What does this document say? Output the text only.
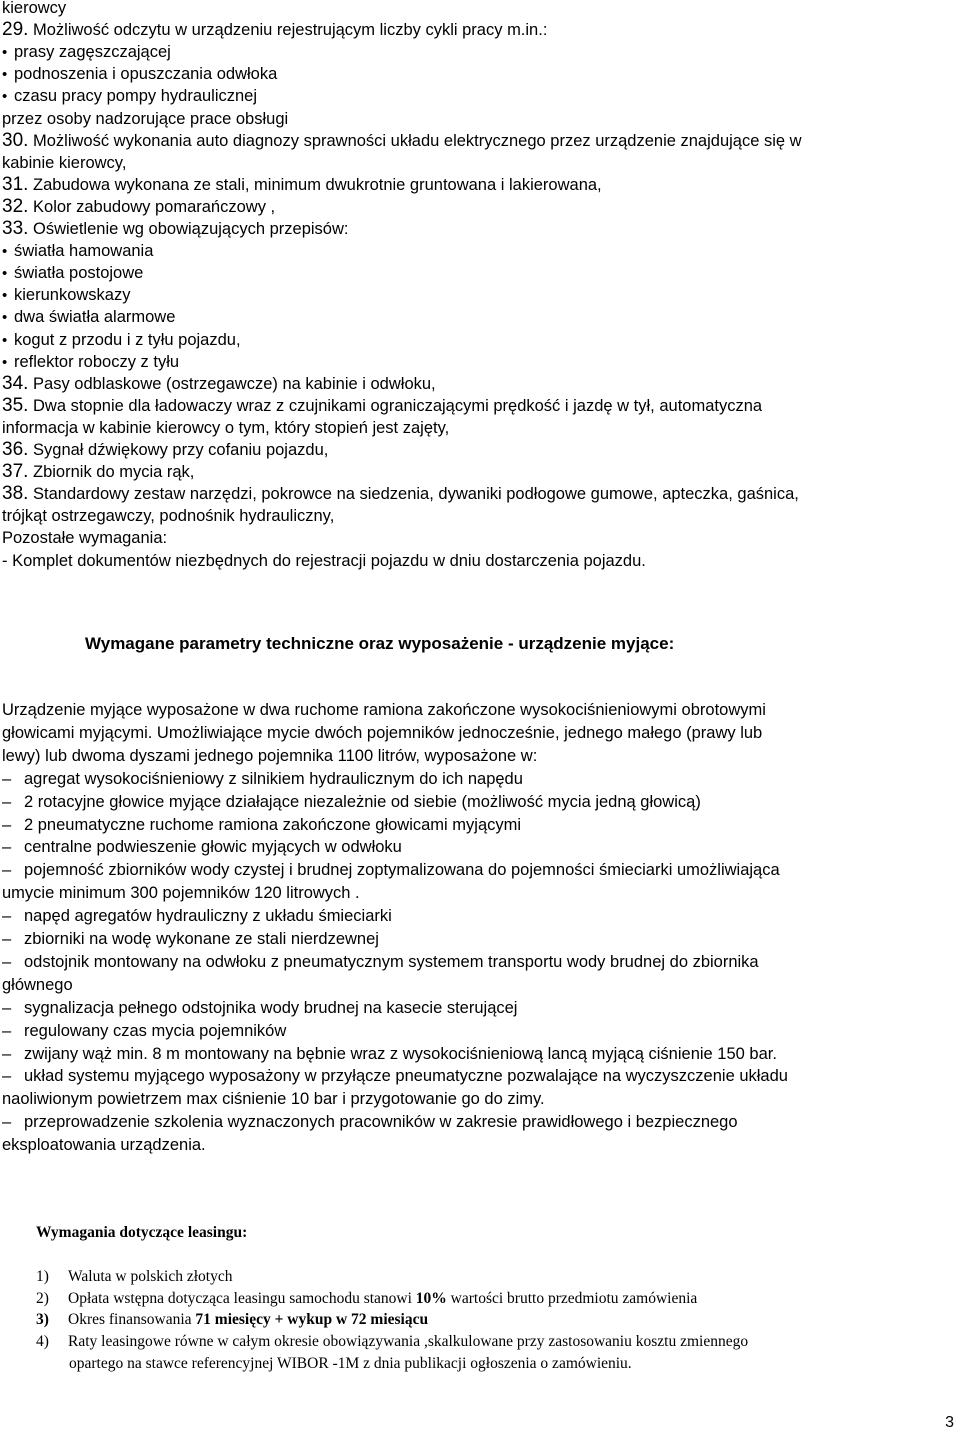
kierowcy
29. Możliwość odczytu w urządzeniu rejestrującym liczby cykli pracy m.in.:
• prasy zagęszczającej
• podnoszenia i opuszczania odwłoka
• czasu pracy pompy hydraulicznej
przez osoby nadzorujące prace obsługi
30. Możliwość wykonania auto diagnozy sprawności układu elektrycznego przez urządzenie znajdujące się w
kabinie kierowcy,
31. Zabudowa wykonana ze stali, minimum dwukrotnie gruntowana i lakierowana,
32. Kolor zabudowy pomarańczowy ,
33. Oświetlenie wg obowiązujących przepisów:
• światła hamowania
• światła postojowe
• kierunkowskazy
• dwa światła alarmowe
• kogut z przodu i z tyłu pojazdu,
• reflektor roboczy z tyłu
34. Pasy odblaskowe (ostrzegawcze) na kabinie i odwłoku,
35. Dwa stopnie dla ładowaczy wraz z czujnikami ograniczającymi prędkość i jazdę w tył, automatyczna
informacja w kabinie kierowcy o tym, który stopień jest zajęty,
36. Sygnał dźwiękowy przy cofaniu pojazdu,
37. Zbiornik do mycia rąk,
38. Standardowy zestaw narzędzi, pokrowce na siedzenia, dywaniki podłogowe gumowe, apteczka, gaśnica,
trójkąt ostrzegawczy, podnośnik hydrauliczny,
Pozostałe wymagania:
- Komplet dokumentów niezbędnych do rejestracji pojazdu w dniu dostarczenia pojazdu.
Wymagane parametry techniczne oraz wyposażenie - urządzenie myjące:
Urządzenie myjące wyposażone w dwa ruchome ramiona zakończone wysokociśnieniowymi obrotowymi
głowicami myjącymi. Umożliwiające mycie dwóch pojemników jednocześnie, jednego małego (prawy lub
lewy) lub dwoma dyszami jednego pojemnika 1100 litrów, wyposażone w:
– agregat wysokociśnieniowy z silnikiem hydraulicznym do ich napędu
– 2 rotacyjne głowice myjące działające niezależnie od siebie (możliwość mycia jedną głowicą)
– 2 pneumatyczne ruchome ramiona zakończone głowicami myjącymi
– centralne podwieszenie głowic myjących w odwłoku
– pojemność zbiorników wody czystej i brudnej zoptymalizowana do pojemności śmieciarki umożliwiająca
umycie minimum 300 pojemników 120 litrowych .
– napęd agregatów hydrauliczny z układu śmieciarki
– zbiorniki na wodę wykonane ze stali nierdzewnej
– odstojnik montowany na odwłoku z pneumatycznym systemem transportu wody brudnej do zbiornika
głównego
– sygnalizacja pełnego odstojnika wody brudnej na kasecie sterującej
– regulowany czas mycia pojemników
– zwijany wąż min. 8 m montowany na bębnie wraz z wysokociśnieniową lancą myjącą ciśnienie 150 bar.
– układ systemu myjącego wyposażony w przyłącze pneumatyczne pozwalające na wyczyszczenie układu
naoliwionym powietrzem max ciśnienie 10 bar i przygotowanie go do zimy.
– przeprowadzenie szkolenia wyznaczonych pracowników w zakresie prawidłowego i bezpiecznego
eksploatowania urządzenia.
Wymagania dotyczące leasingu:
1) Waluta w polskich złotych
2) Opłata wstępna dotycząca leasingu samochodu stanowi 10% wartości brutto przedmiotu zamówienia
3) Okres finansowania 71 miesięcy + wykup w 72 miesiącu
4) Raty leasingowe równe w całym okresie obowiązywania ,skalkulowane przy zastosowaniu kosztu zmiennego
opartego na stawce referencyjnej WIBOR -1M z dnia publikacji ogłoszenia o zamówieniu.
3
